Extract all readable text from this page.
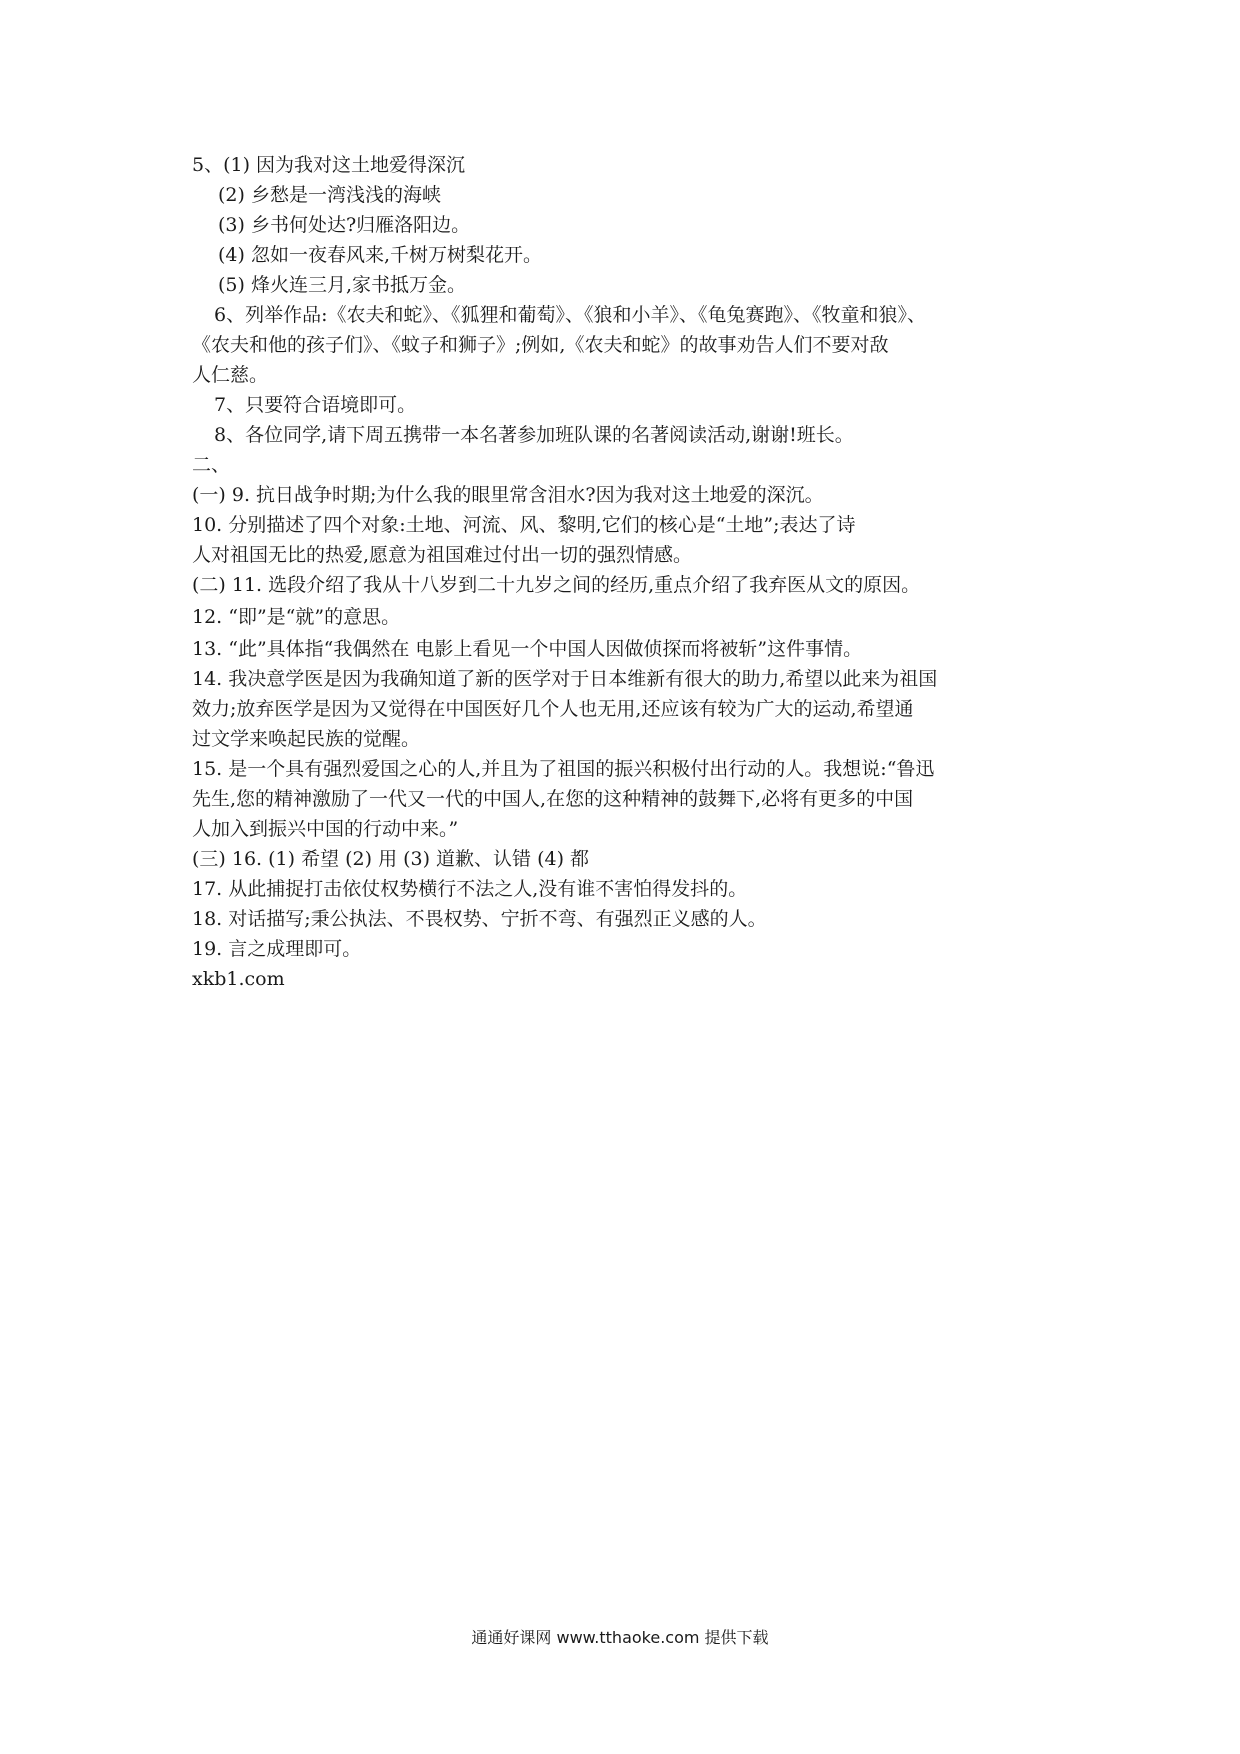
5、(1) 因为我对这土地爱得深沉
(2) 乡愁是一湾浅浅的海峡
(3) 乡书何处达?归雁洛阳边。
(4) 忽如一夜春风来,千树万树梨花开。
(5) 烽火连三月,家书抵万金。
6、列举作品:《农夫和蛇》、《狐狸和葡萄》、《狼和小羊》、《龟兔赛跑》、《牧童和狼》、
《农夫和他的孩子们》、《蚊子和狮子》;例如,《农夫和蛇》的故事劝告人们不要对敌
人仁慈。
7、只要符合语境即可。
8、各位同学,请下周五携带一本名著参加班队课的名著阅读活动,谢谢!班长。
二、
(一) 9. 抗日战争时期;为什么我的眼里常含泪水?因为我对这土地爱的深沉。
10. 分别描述了四个对象:土地、河流、风、黎明,它们的核心是“土地”;表达了诗
人对祖国无比的热爱,愿意为祖国难过付出一切的强烈情感。
(二) 11. 选段介绍了我从十八岁到二十九岁之间的经历,重点介绍了我弃医从文的原因。
12. “即”是“就”的意思。
13. “此”具体指“我偶然在 电影上看见一个中国人因做侦探而将被斩”这件事情。
14. 我决意学医是因为我确知道了新的医学对于日本维新有很大的助力,希望以此来为祖国
效力;放弃医学是因为又觉得在中国医好几个人也无用,还应该有较为广大的运动,希望通
过文学来唤起民族的觉醒。
15. 是一个具有强烈爱国之心的人,并且为了祖国的振兴积极付出行动的人。我想说:“鲁迅
先生,您的精神激励了一代又一代的中国人,在您的这种精神的鼓舞下,必将有更多的中国
人加入到振兴中国的行动中来。”
(三) 16. (1) 希望 (2) 用 (3) 道歉、认错 (4) 都
17. 从此捕捉打击依仗权势横行不法之人,没有谁不害怕得发抖的。
18. 对话描写;秉公执法、不畏权势、宁折不弯、有强烈正义感的人。
19. 言之成理即可。
xkb1.com
通通好课网 www.tthaoke.com 提供下载
